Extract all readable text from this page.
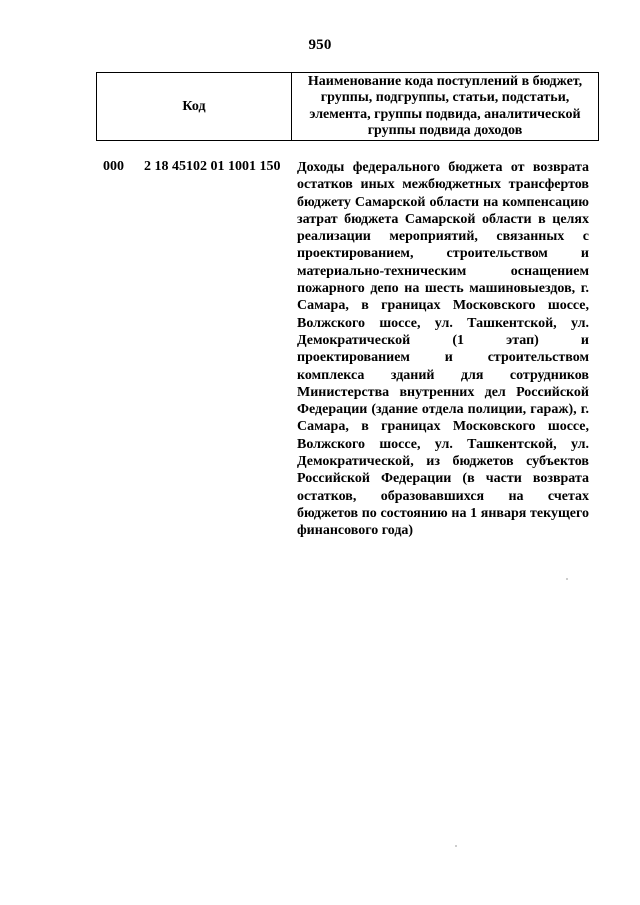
950
Код
Наименование кода поступлений в бюджет, группы, подгруппы, статьи, подстатьи, элемента, группы подвида, аналитической группы подвида доходов
000 2 18 45102 01 1001 150 Доходы федерального бюджета от возврата остатков иных межбюджетных трансфертов бюджету Самарской области на компенсацию затрат бюджета Самарской области в целях реализации мероприятий, связанных с проектированием, строительством и материально-техническим оснащением пожарного депо на шесть машиновыездов, г. Самара, в границах Московского шоссе, Волжского шоссе, ул. Ташкентской, ул. Демократической (1 этап) и проектированием и строительством комплекса зданий для сотрудников Министерства внутренних дел Российской Федерации (здание отдела полиции, гараж), г. Самара, в границах Московского шоссе, Волжского шоссе, ул. Ташкентской, ул. Демократической, из бюджетов субъектов Российской Федерации (в части возврата остатков, образовавшихся на счетах бюджетов по состоянию на 1 января текущего финансового года)
